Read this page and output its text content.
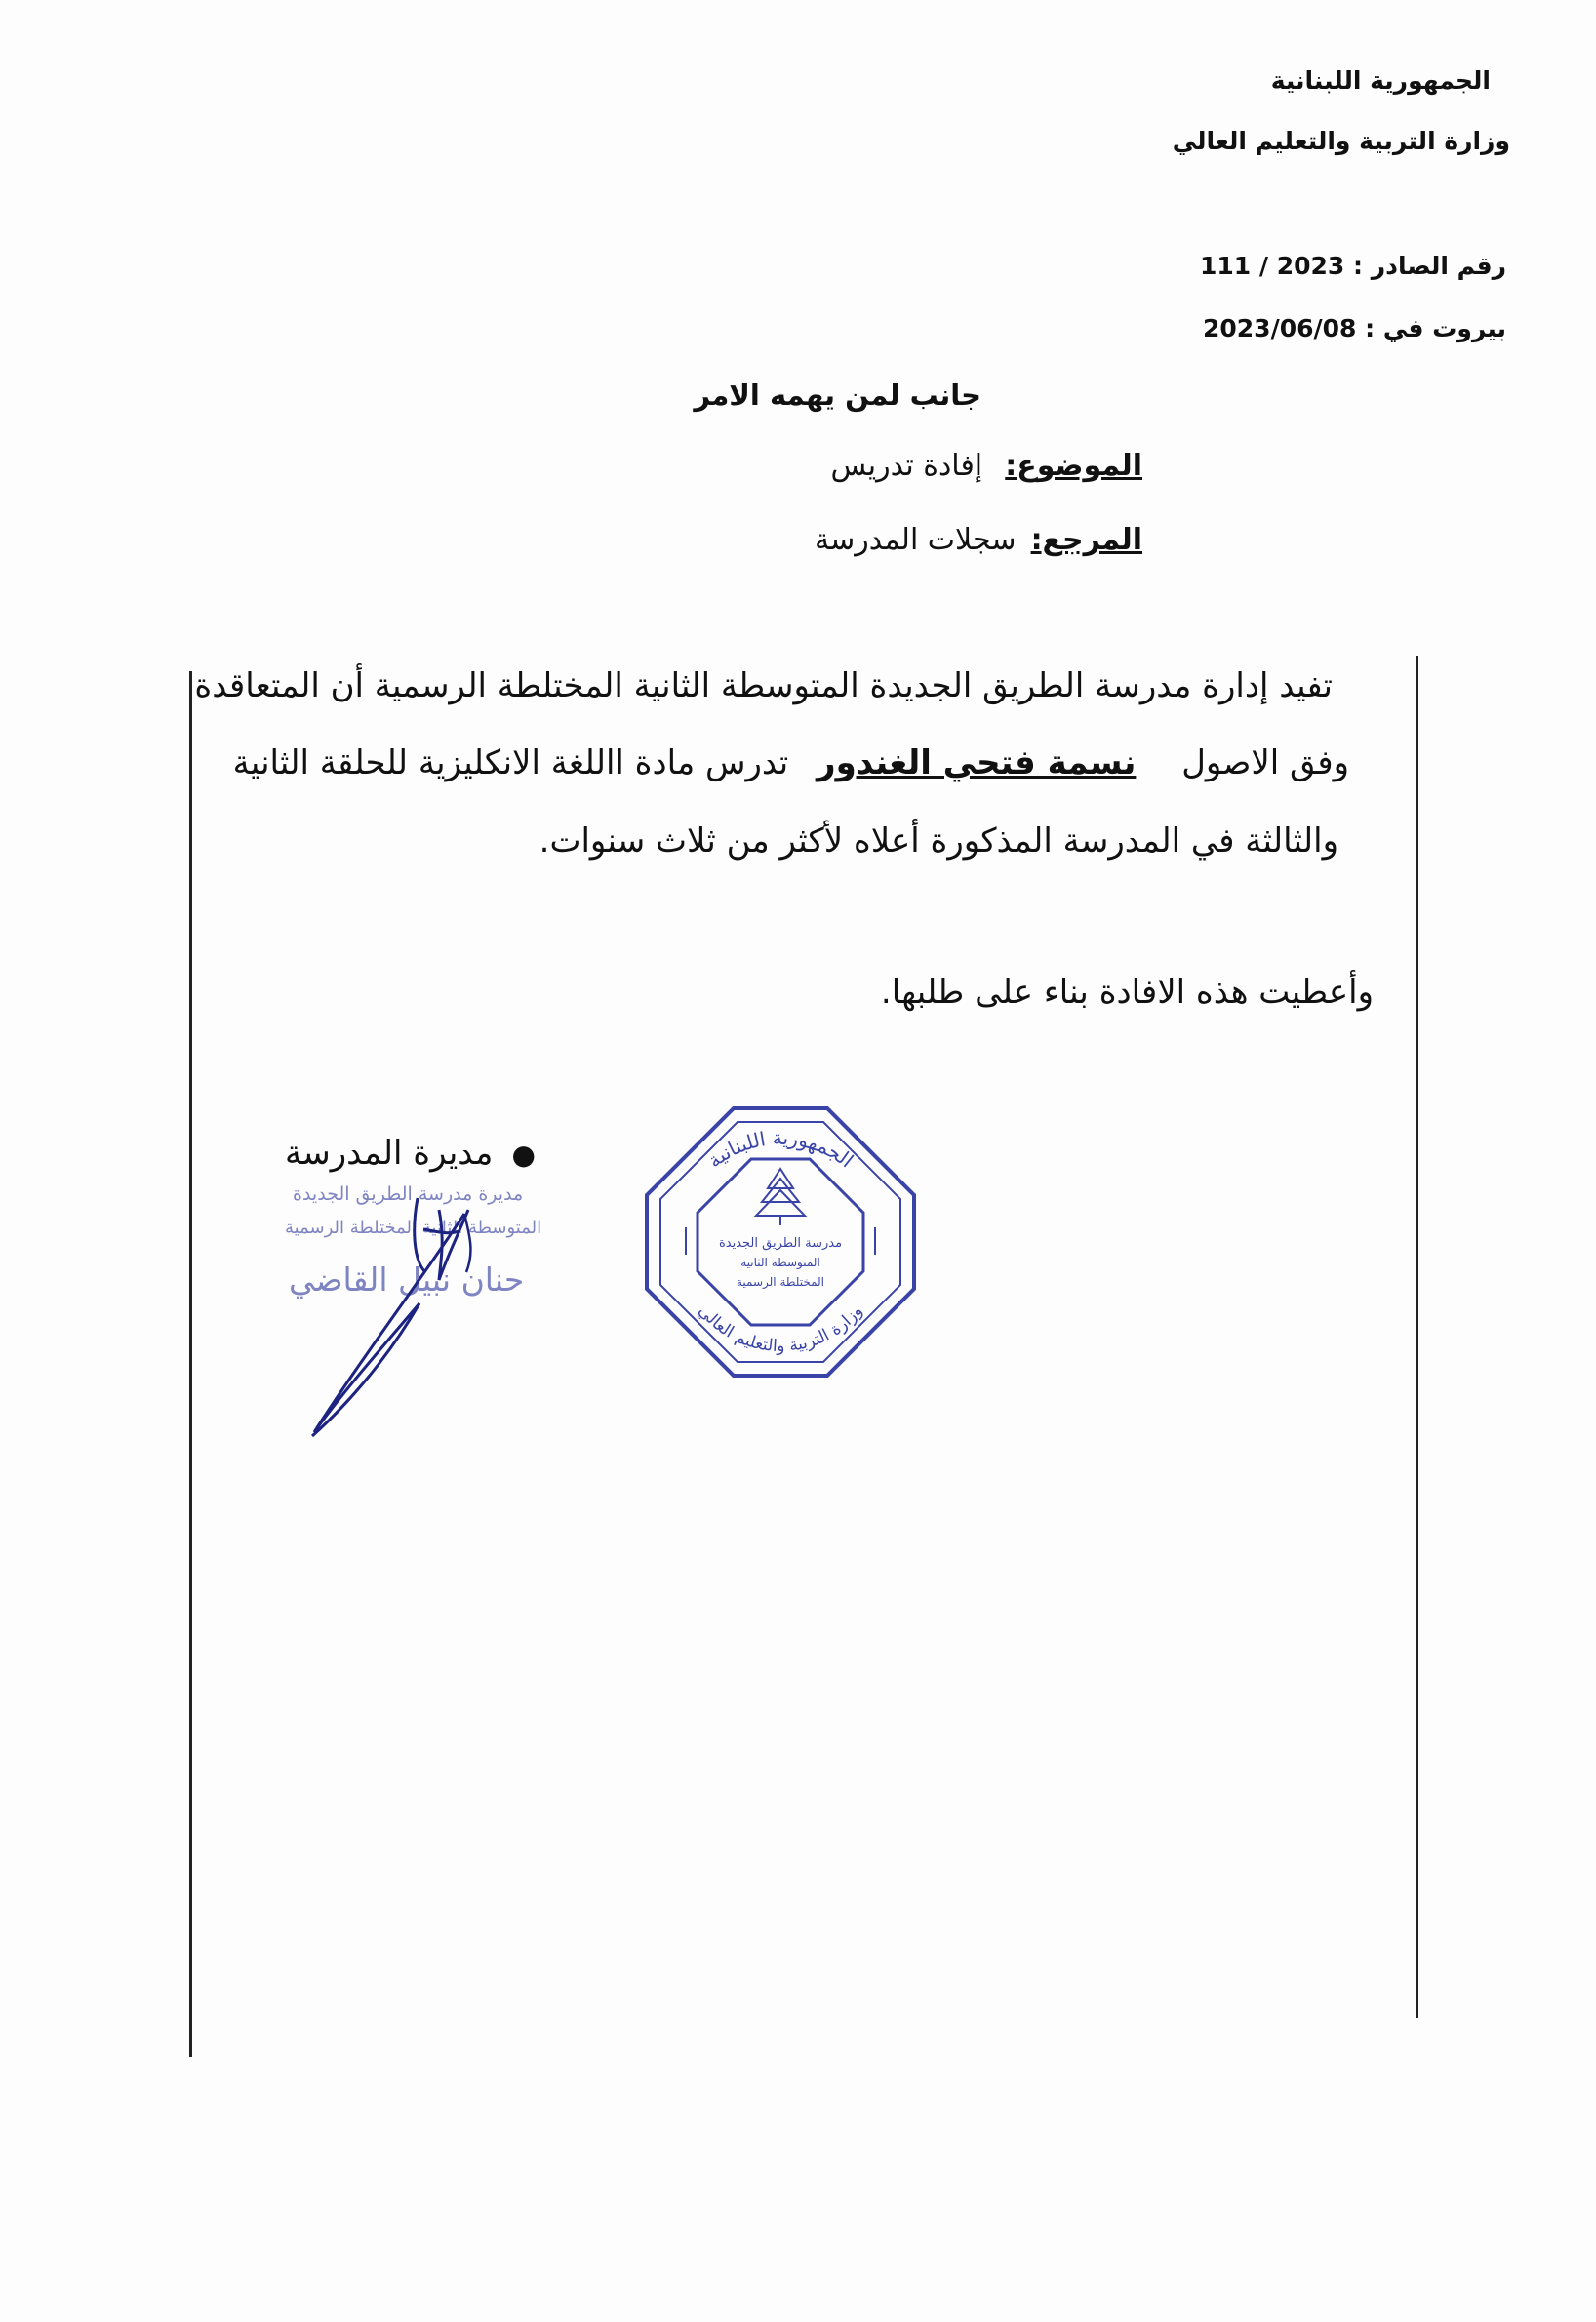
الجمهورية اللبنانية
وزارة التربية والتعليم العالي
رقم الصادر : 2023 / 111
بيروت في : 2023/06/08
جانب لمن يهمه الامر
الموضوع: إفادة تدريس
المرجع: سجلات المدرسة
تفيد إدارة مدرسة الطريق الجديدة المتوسطة الثانية المختلطة الرسمية أن المتعاقدة
وفق الاصول نسمة فتحي الغندور تدرس مادة االلغة الانكليزية للحلقة الثانية
والثالثة في المدرسة المذكورة أعلاه لأكثر من ثلاث سنوات.
وأعطيت هذه الافادة بناء على طلبها.
● مديرة المدرسة
مديرة مدرسة الطريق الجديدة
المتوسطة الثانية المختلطة الرسمية
حنان نبيل القاضي
الجمهورية اللبنانية
وزارة التربية والتعليم العالي
مدرسة الطريق الجديدة
المتوسطة الثانية
المختلطة الرسمية
